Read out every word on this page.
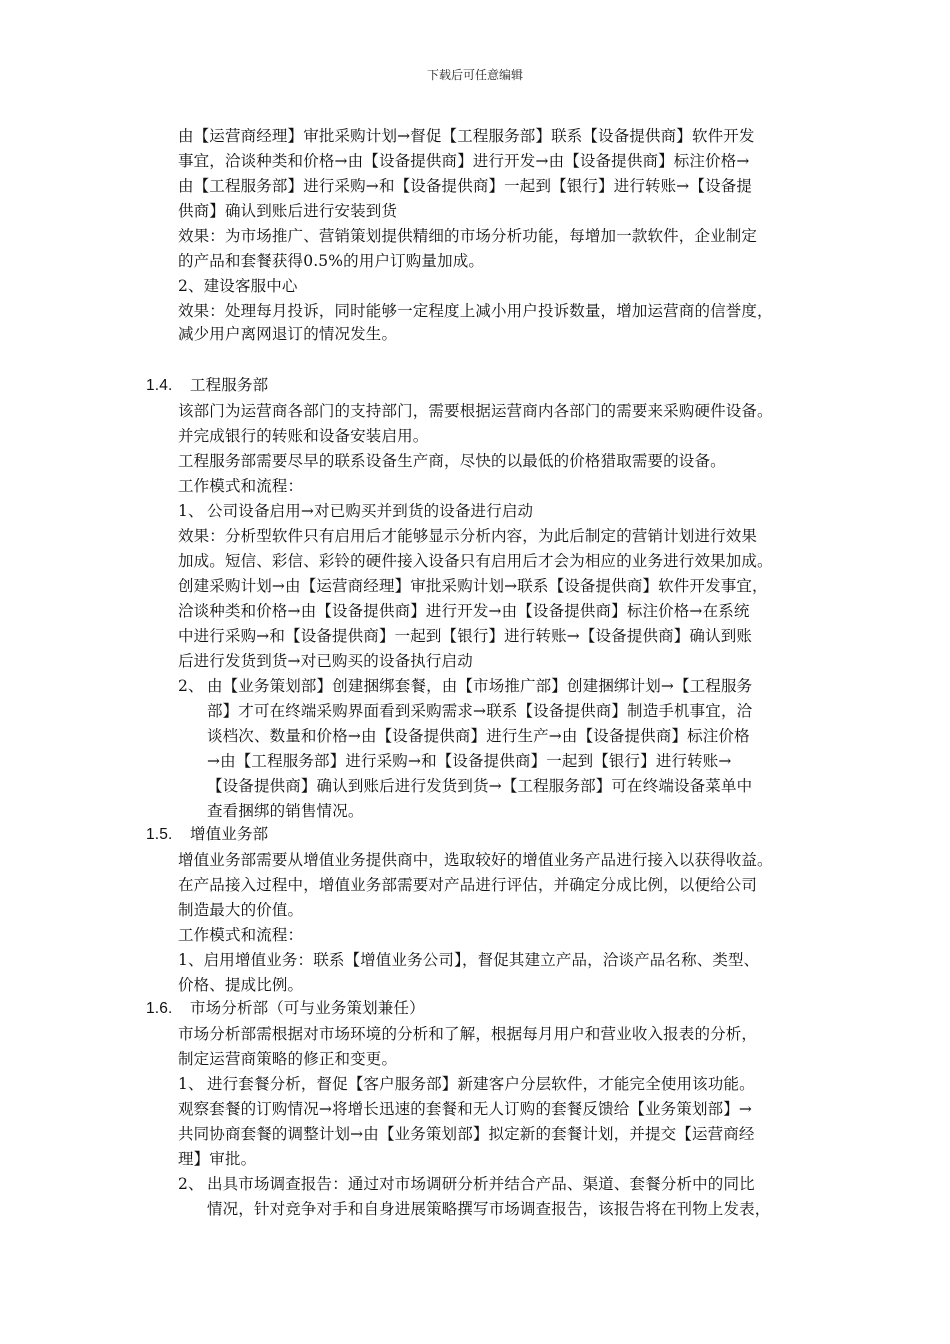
下载后可任意编辑
由【运营商经理】审批采购计划→督促【工程服务部】联系【设备提供商】软件开发
事宜，洽谈种类和价格→由【设备提供商】进行开发→由【设备提供商】标注价格→
由【工程服务部】进行采购→和【设备提供商】一起到【银行】进行转账→【设备提
供商】确认到账后进行安装到货
效果：为市场推广、营销策划提供精细的市场分析功能，每增加一款软件，企业制定
的产品和套餐获得0.5%的用户订购量加成。
2、建设客服中心
效果：处理每月投诉，同时能够一定程度上减小用户投诉数量，增加运营商的信誉度，
减少用户离网退订的情况发生。
1.4. 工程服务部
该部门为运营商各部门的支持部门，需要根据运营商内各部门的需要来采购硬件设备。
并完成银行的转账和设备安装启用。
工程服务部需要尽早的联系设备生产商，尽快的以最低的价格猎取需要的设备。
工作模式和流程：
1、 公司设备启用→对已购买并到货的设备进行启动
效果：分析型软件只有启用后才能够显示分析内容，为此后制定的营销计划进行效果
加成。短信、彩信、彩铃的硬件接入设备只有启用后才会为相应的业务进行效果加成。
创建采购计划→由【运营商经理】审批采购计划→联系【设备提供商】软件开发事宜，
洽谈种类和价格→由【设备提供商】进行开发→由【设备提供商】标注价格→在系统
中进行采购→和【设备提供商】一起到【银行】进行转账→【设备提供商】确认到账
后进行发货到货→对已购买的设备执行启动
2、 由【业务策划部】创建捆绑套餐，由【市场推广部】创建捆绑计划→【工程服务
部】才可在终端采购界面看到采购需求→联系【设备提供商】制造手机事宜，洽
谈档次、数量和价格→由【设备提供商】进行生产→由【设备提供商】标注价格
→由【工程服务部】进行采购→和【设备提供商】一起到【银行】进行转账→
【设备提供商】确认到账后进行发货到货→【工程服务部】可在终端设备菜单中
查看捆绑的销售情况。
1.5. 增值业务部
增值业务部需要从增值业务提供商中，选取较好的增值业务产品进行接入以获得收益。
在产品接入过程中，增值业务部需要对产品进行评估，并确定分成比例，以便给公司
制造最大的价值。
工作模式和流程：
1、启用增值业务：联系【增值业务公司】，督促其建立产品，洽谈产品名称、类型、
价格、提成比例。
1.6. 市场分析部（可与业务策划兼任）
市场分析部需根据对市场环境的分析和了解，根据每月用户和营业收入报表的分析，
制定运营商策略的修正和变更。
1、 进行套餐分析，督促【客户服务部】新建客户分层软件，才能完全使用该功能。
观察套餐的订购情况→将增长迅速的套餐和无人订购的套餐反馈给【业务策划部】→
共同协商套餐的调整计划→由【业务策划部】拟定新的套餐计划，并提交【运营商经
理】审批。
2、 出具市场调查报告：通过对市场调研分析并结合产品、渠道、套餐分析中的同比
情况，针对竞争对手和自身进展策略撰写市场调查报告，该报告将在刊物上发表，
